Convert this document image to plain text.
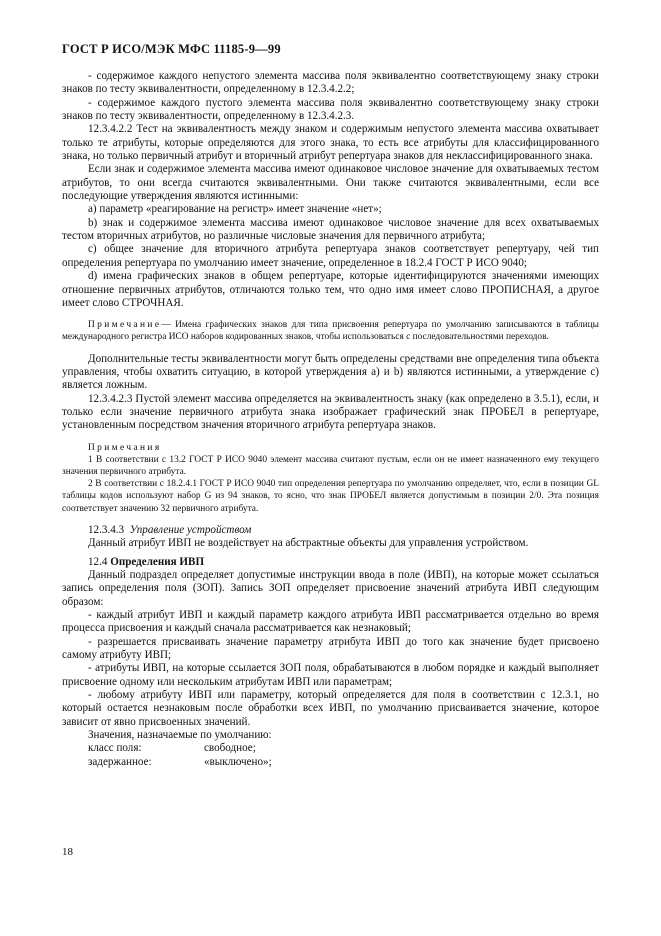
ГОСТ Р ИСО/МЭК МФС 11185-9—99

- содержимое каждого непустого элемента массива поля эквивалентно соответствующему знаку строки знаков по тесту эквивалентности, определенному в 12.3.4.2.2;

- содержимое каждого пустого элемента массива поля эквивалентно соответствующему знаку строки знаков по тесту эквивалентности, определенному в 12.3.4.2.3.

12.3.4.2.2 Тест на эквивалентность между знаком и содержимым непустого элемента массива охватывает только те атрибуты, которые определяются для этого знака, то есть все атрибуты для классифицированного знака, но только первичный атрибут и вторичный атрибут репертуара знаков для неклассифицированного знака.

Если знак и содержимое элемента массива имеют одинаковое числовое значение для охватываемых тестом атрибутов, то они всегда считаются эквивалентными. Они также считаются эквивалентными, если все последующие утверждения являются истинными:

а) параметр «реагирование на регистр» имеет значение «нет»;

b) знак и содержимое элемента массива имеют одинаковое числовое значение для всех охватываемых тестом вторичных атрибутов, но различные числовые значения для первичного атрибута;

с) общее значение для вторичного атрибута репертуара знаков соответствует репертуару, чей тип определения репертуара по умолчанию имеет значение, определенное в 18.2.4 ГОСТ Р ИСО 9040;

d) имена графических знаков в общем репертуаре, которые идентифицируются значениями имеющих отношение первичных атрибутов, отличаются только тем, что одно имя имеет слово ПРОПИСНАЯ, а другое имеет слово СТРОЧНАЯ.

Примечание— Имена графических знаков для типа присвоения репертуара по умолчанию записываются в таблицы международного регистра ИСО наборов кодированных знаков, чтобы использоваться с последовательностями переходов.

Дополнительные тесты эквивалентности могут быть определены средствами вне определения типа объекта управления, чтобы охватить ситуацию, в которой утверждения а) и b) являются истинными, а утверждение с) является ложным.

12.3.4.2.3 Пустой элемент массива определяется на эквивалентность знаку (как определено в 3.5.1), если, и только если значение первичного атрибута знака изображает графический знак ПРОБЕЛ в репертуаре, установленным посредством значения вторичного атрибута репертуара знаков.

Примечания

1 В соответствии с 13.2 ГОСТ Р ИСО 9040 элемент массива считают пустым, если он не имеет назначенного ему текущего значения первичного атрибута.

2 В соответствии с 18.2.4.1 ГОСТ Р ИСО 9040 тип определения репертуара по умолчанию определяет, что, если в позиции GL таблицы кодов используют набор G из 94 знаков, то ясно, что знак ПРОБЕЛ является допустимым в позиции 2/0. Эта позиция соответствует значению 32 первичного атрибута.

12.3.4.3 Управление устройством

Данный атрибут ИВП не воздействует на абстрактные объекты для управления устройством.

12.4 Определения ИВП

Данный подраздел определяет допустимые инструкции ввода в поле (ИВП), на которые может ссылаться запись определения поля (ЗОП). Запись ЗОП определяет присвоение значений атрибута ИВП следующим образом:

- каждый атрибут ИВП и каждый параметр каждого атрибута ИВП рассматривается отдельно во время процесса присвоения и каждый сначала рассматривается как незнаковый;

- разрешается присваивать значение параметру атрибута ИВП до того как значение будет присвоено самому атрибуту ИВП;

- атрибуты ИВП, на которые ссылается ЗОП поля, обрабатываются в любом порядке и каждый выполняет присвоение одному или нескольким атрибутам ИВП или параметрам;

- любому атрибуту ИВП или параметру, который определяется для поля в соответствии с 12.3.1, но который остается незнаковым после обработки всех ИВП, по умолчанию присваивается значение, которое зависит от явно присвоенных значений.

Значения, назначаемые по умолчанию:

класс поля:	свободное;
задержанное:	«выключено»;
18
